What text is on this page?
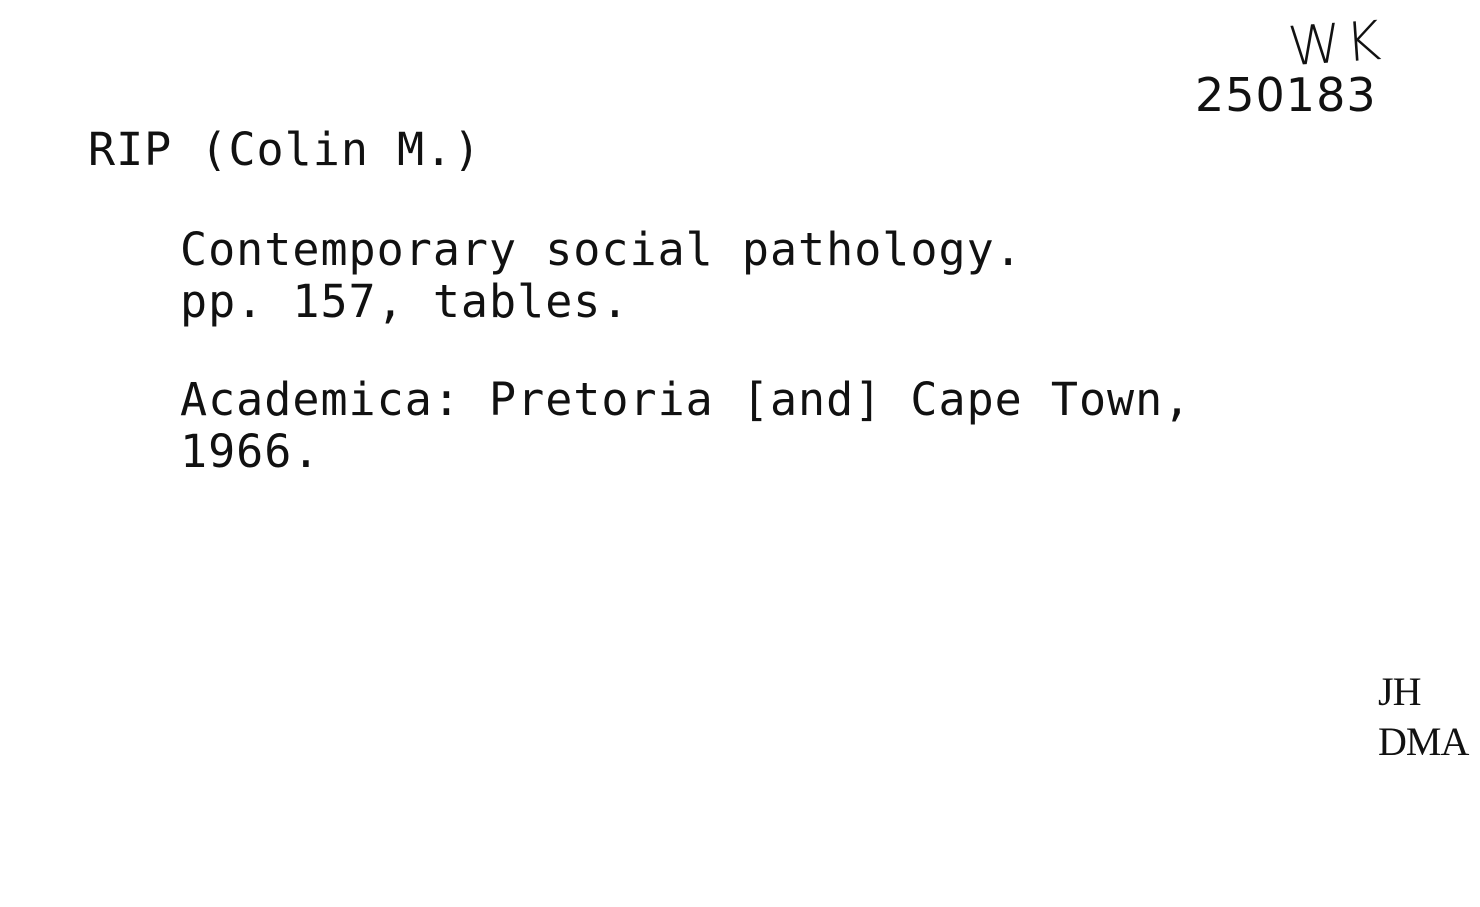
WK
250183
RIP (Colin M.)
Contemporary social pathology.
pp. 157, tables.
Academica: Pretoria [and] Cape Town,
1966.
JH
DMA
